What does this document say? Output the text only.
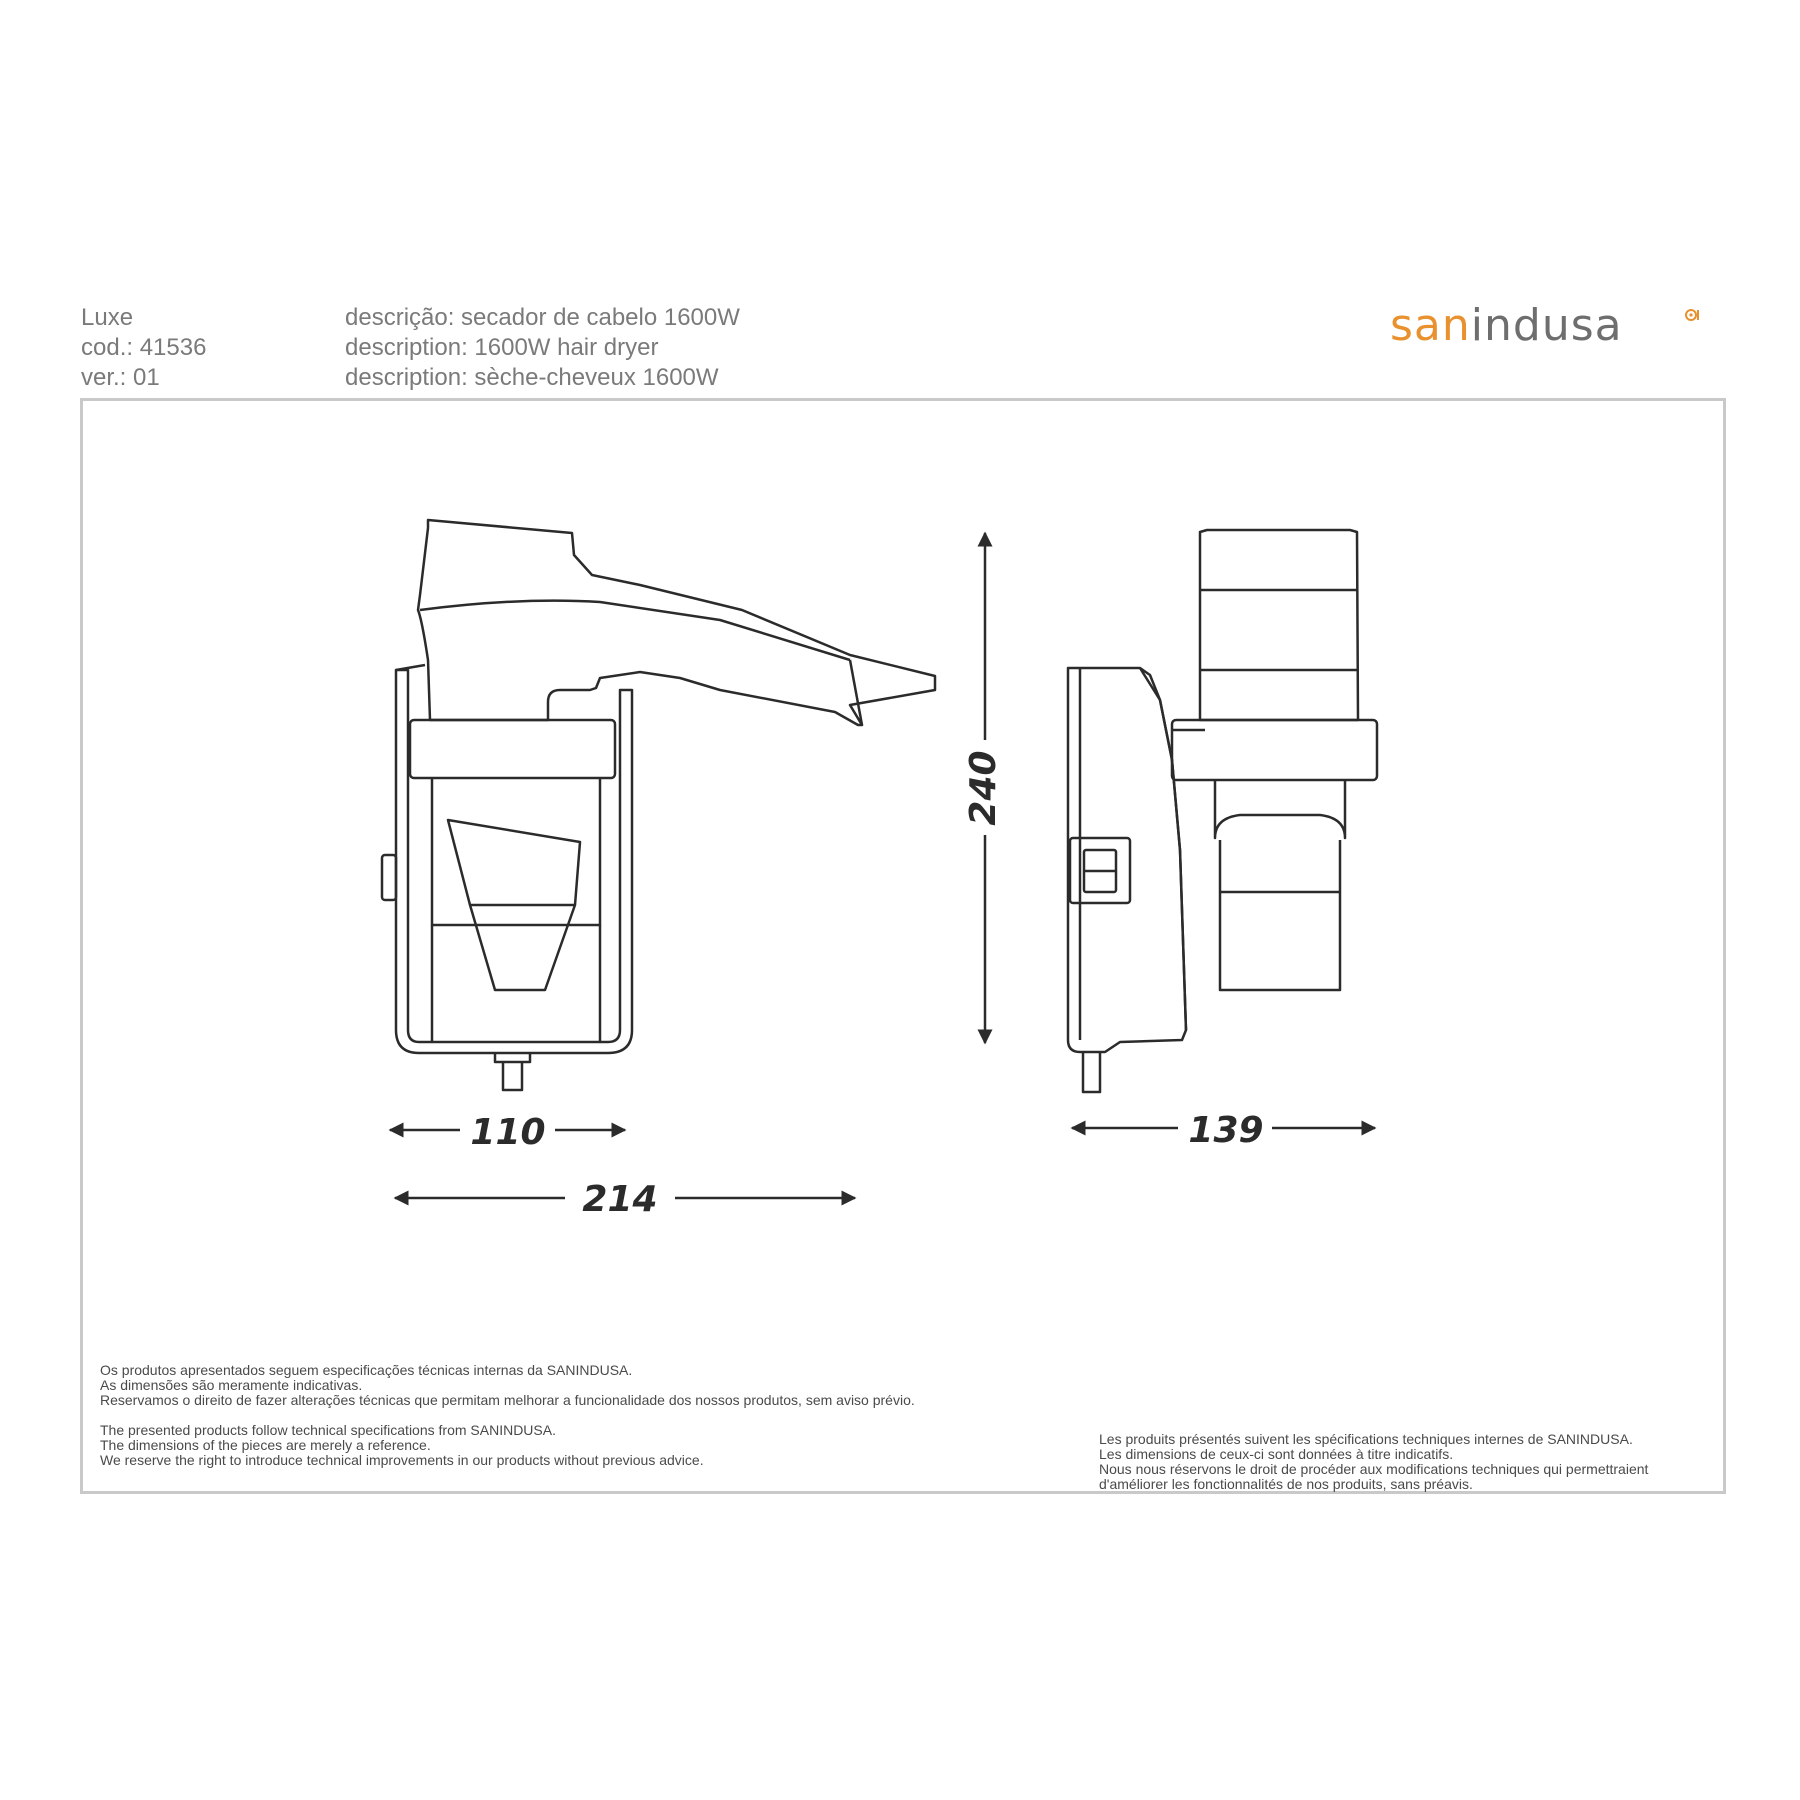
Luxe
cod.: 41536
ver.: 01
descrição: secador de cabelo 1600W
description: 1600W hair dryer
description: sèche-cheveux 1600W
sanindusa
110
214
139
240
Os produtos apresentados seguem especificações técnicas internas da SANINDUSA.
As dimensões são meramente indicativas.
Reservamos o direito de fazer alterações técnicas que permitam melhorar a funcionalidade dos nossos produtos, sem aviso prévio.
The presented products follow technical specifications from SANINDUSA.
The dimensions of the pieces are merely a reference.
We reserve the right to introduce technical improvements in our products without previous advice.
Les produits présentés suivent les spécifications techniques internes de SANINDUSA.
Les dimensions de ceux-ci sont données à titre indicatifs.
Nous nous réservons le droit de procéder aux modifications techniques qui permettraient
d'améliorer les fonctionnalités de nos produits, sans préavis.
